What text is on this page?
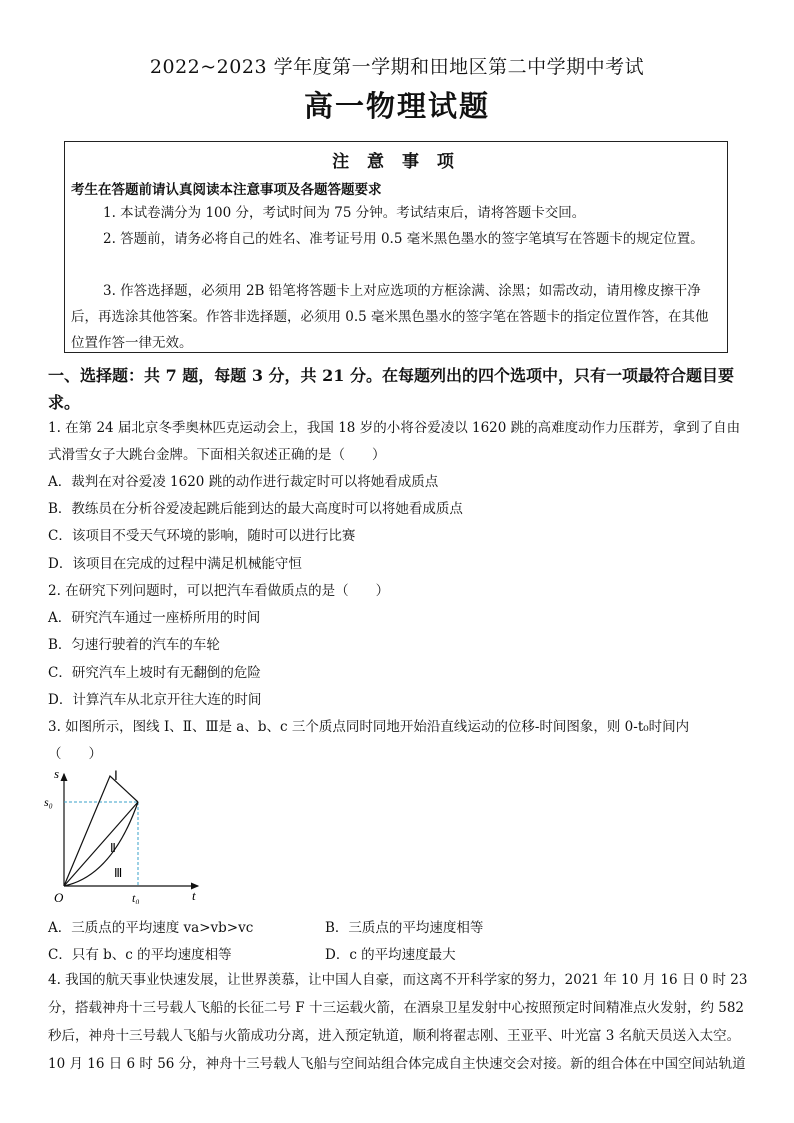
2022~2023 学年度第一学期和田地区第二中学期中考试
高一物理试题
注 意 事 项
考生在答题前请认真阅读本注意事项及各题答题要求

1. 本试卷满分为 100 分，考试时间为 75 分钟。考试结束后，请将答题卡交回。

2. 答题前，请务必将自己的姓名、准考证号用 0.5 毫米黑色墨水的签字笔填写在答题卡的规定位置。

3. 作答选择题，必须用 2B 铅笔将答题卡上对应选项的方框涂满、涂黑；如需改动，请用橡皮擦干净后，再选涂其他答案。作答非选择题，必须用 0.5 毫米黑色墨水的签字笔在答题卡的指定位置作答，在其他位置作答一律无效。

一、选择题：共 7 题，每题 3 分，共 21 分。在每题列出的四个选项中，只有一项最符合题目要求。
1. 在第 24 届北京冬季奥林匹克运动会上，我国 18 岁的小将谷爱凌以 1620 跳的高难度动作力压群芳，拿到了自由
式滑雪女子大跳台金牌。下面相关叙述正确的是（　　）
A．裁判在对谷爱凌 1620 跳的动作进行裁定时可以将她看成质点
B．教练员在分析谷爱凌起跳后能到达的最大高度时可以将她看成质点
C．该项目不受天气环境的影响，随时可以进行比赛
D．该项目在完成的过程中满足机械能守恒
2. 在研究下列问题时，可以把汽车看做质点的是（　　）
A．研究汽车通过一座桥所用的时间
B．匀速行驶着的汽车的车轮
C．研究汽车上坡时有无翻倒的危险
D．计算汽车从北京开往大连的时间
3. 如图所示，图线 Ⅰ、Ⅱ、Ⅲ是 a、b、c 三个质点同时同地开始沿直线运动的位移-时间图象，则 0-t₀时间内
（　　）
s
t
s₀
t₀
O
Ⅰ
Ⅱ
Ⅲ
A．三质点的平均速度 va>vb>vc	B．三质点的平均速度相等
C．只有 b、c 的平均速度相等	D．c 的平均速度最大
4. 我国的航天事业快速发展，让世界羡慕，让中国人自豪，而这离不开科学家的努力，2021 年 10 月 16 日 0 时 23
分，搭载神舟十三号载人飞船的长征二号 F 十三运载火箭，在酒泉卫星发射中心按照预定时间精准点火发射，约 582
秒后，神舟十三号载人飞船与火箭成功分离，进入预定轨道，顺利将翟志刚、王亚平、叶光富 3 名航天员送入太空。
10 月 16 日 6 时 56 分，神舟十三号载人飞船与空间站组合体完成自主快速交会对接。新的组合体在中国空间站轨道
